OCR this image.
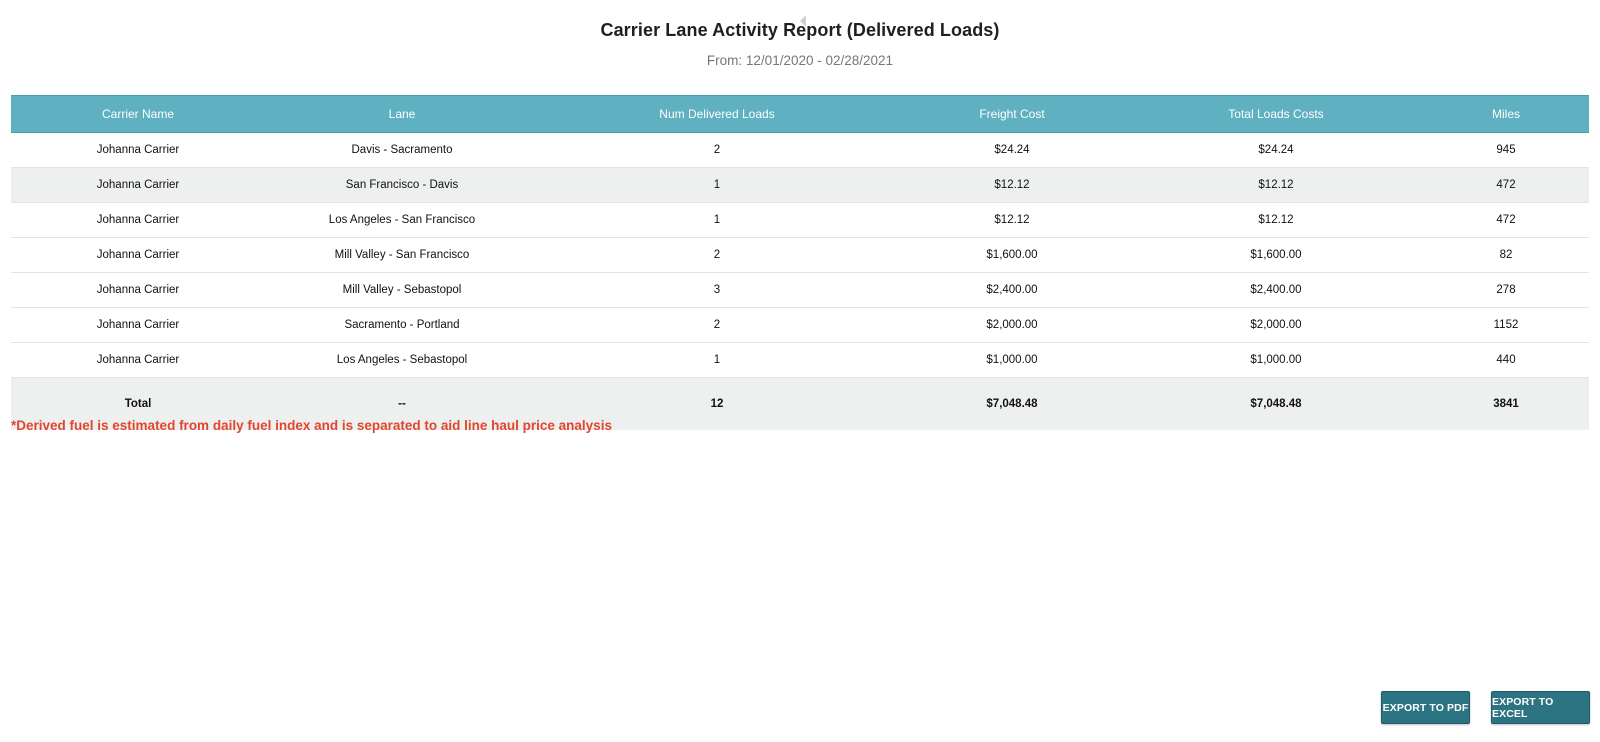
Carrier Lane Activity Report (Delivered Loads)
From: 12/01/2020 - 02/28/2021
Carrier Name	Lane	Num Delivered Loads	Freight Cost	Total Loads Costs	Miles
Johanna Carrier	Davis - Sacramento	2	$24.24	$24.24	945
Johanna Carrier	San Francisco - Davis	1	$12.12	$12.12	472
Johanna Carrier	Los Angeles - San Francisco	1	$12.12	$12.12	472
Johanna Carrier	Mill Valley - San Francisco	2	$1,600.00	$1,600.00	82
Johanna Carrier	Mill Valley - Sebastopol	3	$2,400.00	$2,400.00	278
Johanna Carrier	Sacramento - Portland	2	$2,000.00	$2,000.00	1152
Johanna Carrier	Los Angeles - Sebastopol	1	$1,000.00	$1,000.00	440
Total	--	12	$7,048.48	$7,048.48	3841
*Derived fuel is estimated from daily fuel index and is separated to aid line haul price analysis
EXPORT TO PDF EXPORT TO EXCEL
